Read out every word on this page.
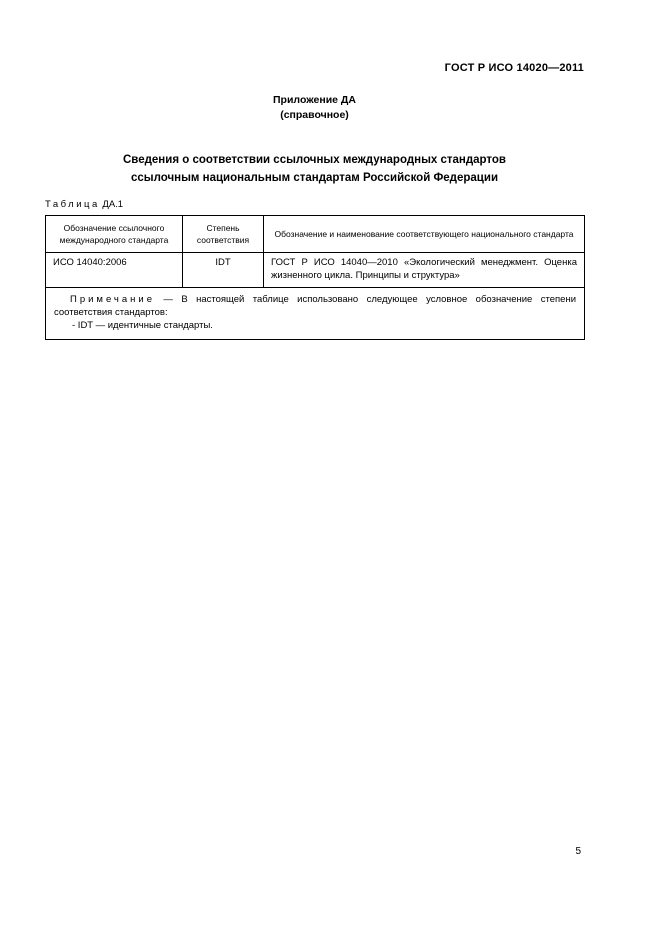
ГОСТ Р ИСО 14020—2011
Приложение ДА
(справочное)
Сведения о соответствии ссылочных международных стандартов
ссылочным национальным стандартам Российской Федерации
Таблица ДА.1
Обозначение ссылочного международного стандарта	Степень соответствия	Обозначение и наименование соответствующего национального стандарта
ИСО 14040:2006	IDT	ГОСТ Р ИСО 14040—2010 «Экологический менеджмент. Оценка жизненного цикла. Принципы и структура»

Примечание — В настоящей таблице использовано следующее условное обозначение степени соответствия стандартов:
- IDT — идентичные стандарты.		
5
